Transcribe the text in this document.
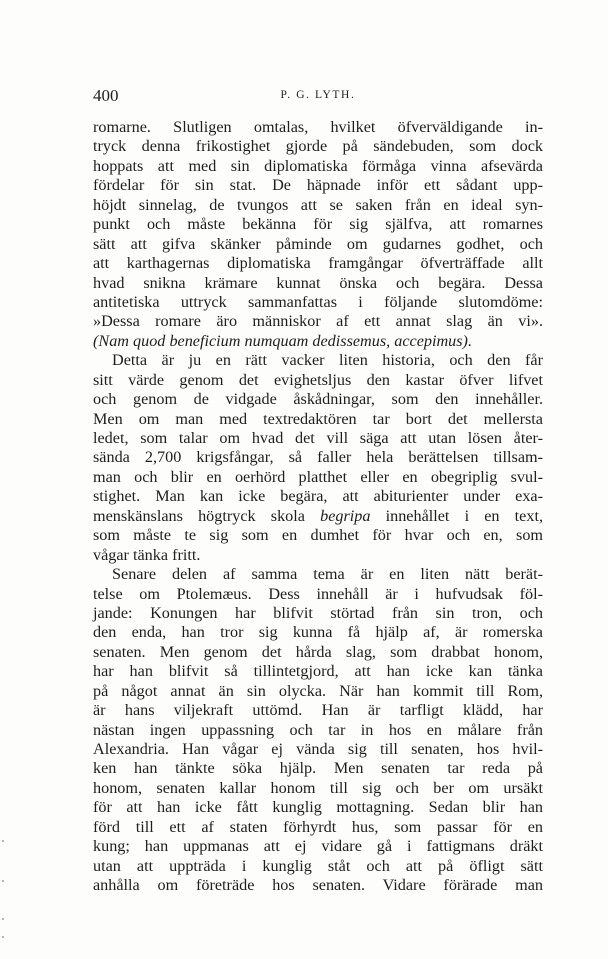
400	P. G. LYTH.
romarne. Slutligen omtalas, hvilket öfverväldigande in-
tryck denna frikostighet gjorde på sändebuden, som dock
hoppats att med sin diplomatiska förmåga vinna afsevärda
fördelar för sin stat. De häpnade inför ett sådant upp-
höjdt sinnelag, de tvungos att se saken från en ideal syn-
punkt och måste bekänna för sig själfva, att romarnes
sätt att gifva skänker påminde om gudarnes godhet, och
att karthagernas diplomatiska framgångar öfverträffade allt
hvad snikna krämare kunnat önska och begära. Dessa
antitetiska uttryck sammanfattas i följande slutomdöme:
»Dessa romare äro människor af ett annat slag än vi».
(Nam quod beneficium numquam dedissemus, accepimus).
Detta är ju en rätt vacker liten historia, och den får
sitt värde genom det evighetsljus den kastar öfver lifvet
och genom de vidgade åskådningar, som den innehåller.
Men om man med textredaktören tar bort det mellersta
ledet, som talar om hvad det vill säga att utan lösen åter-
sända 2,700 krigsfångar, så faller hela berättelsen tillsam-
man och blir en oerhörd platthet eller en obegriplig svul-
stighet. Man kan icke begära, att abiturienter under exa-
menskänslans högtryck skola begripa innehållet i en text,
som måste te sig som en dumhet för hvar och en, som
vågar tänka fritt.
Senare delen af samma tema är en liten nätt berät-
telse om Ptolemæus. Dess innehåll är i hufvudsak föl-
jande: Konungen har blifvit störtad från sin tron, och
den enda, han tror sig kunna få hjälp af, är romerska
senaten. Men genom det hårda slag, som drabbat honom,
har han blifvit så tillintetgjord, att han icke kan tänka
på något annat än sin olycka. När han kommit till Rom,
är hans viljekraft uttömd. Han är tarfligt klädd, har
nästan ingen uppassning och tar in hos en målare från
Alexandria. Han vågar ej vända sig till senaten, hos hvil-
ken han tänkte söka hjälp. Men senaten tar reda på
honom, senaten kallar honom till sig och ber om ursäkt
för att han icke fått kunglig mottagning. Sedan blir han
förd till ett af staten förhyrdt hus, som passar för en
kung; han uppmanas att ej vidare gå i fattigmans dräkt
utan att uppträda i kunglig ståt och att på öfligt sätt
anhålla om företräde hos senaten. Vidare förärade man
